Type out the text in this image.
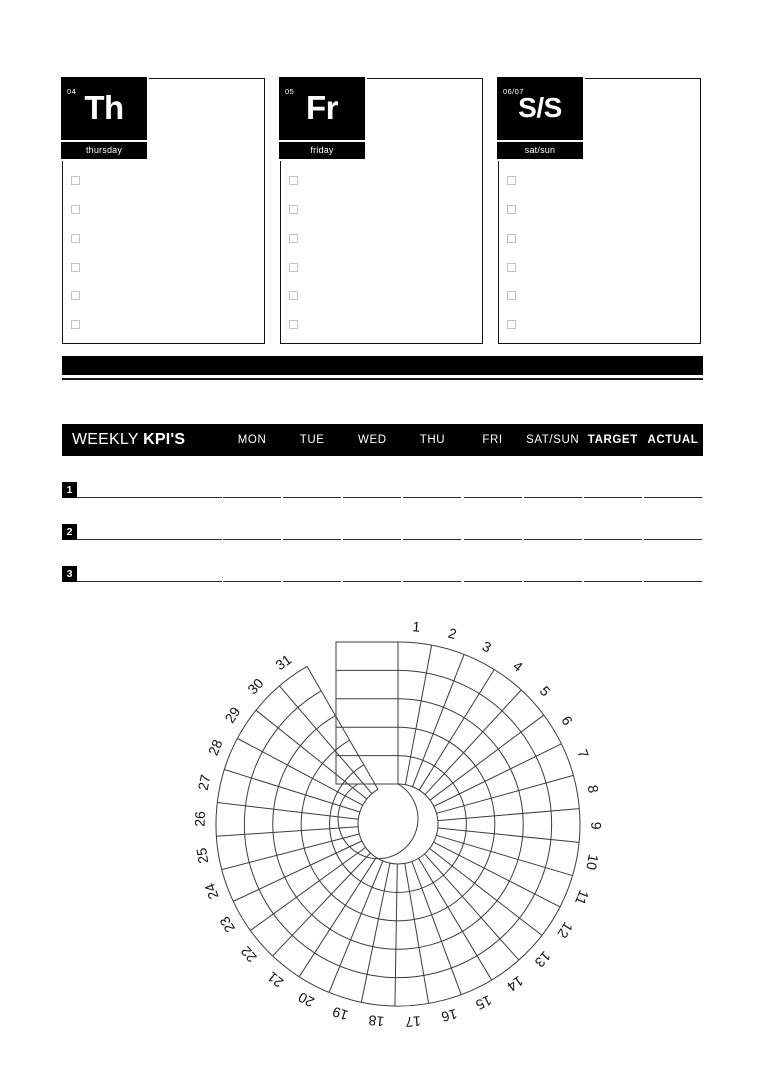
04 Th
thursday
05 Fr
friday
06/07
S/S
sat/sun
WEEKLY KPI'S	MON	TUE	WED	THU	FRI	SAT/SUN TARGET ACTUAL
1
2
3
1 2
3
4
5
6
7
8
9
10
11
12
13
14
15
16
17
18
19
20
21
22
23
24
25
26
27
28
29
30
31
